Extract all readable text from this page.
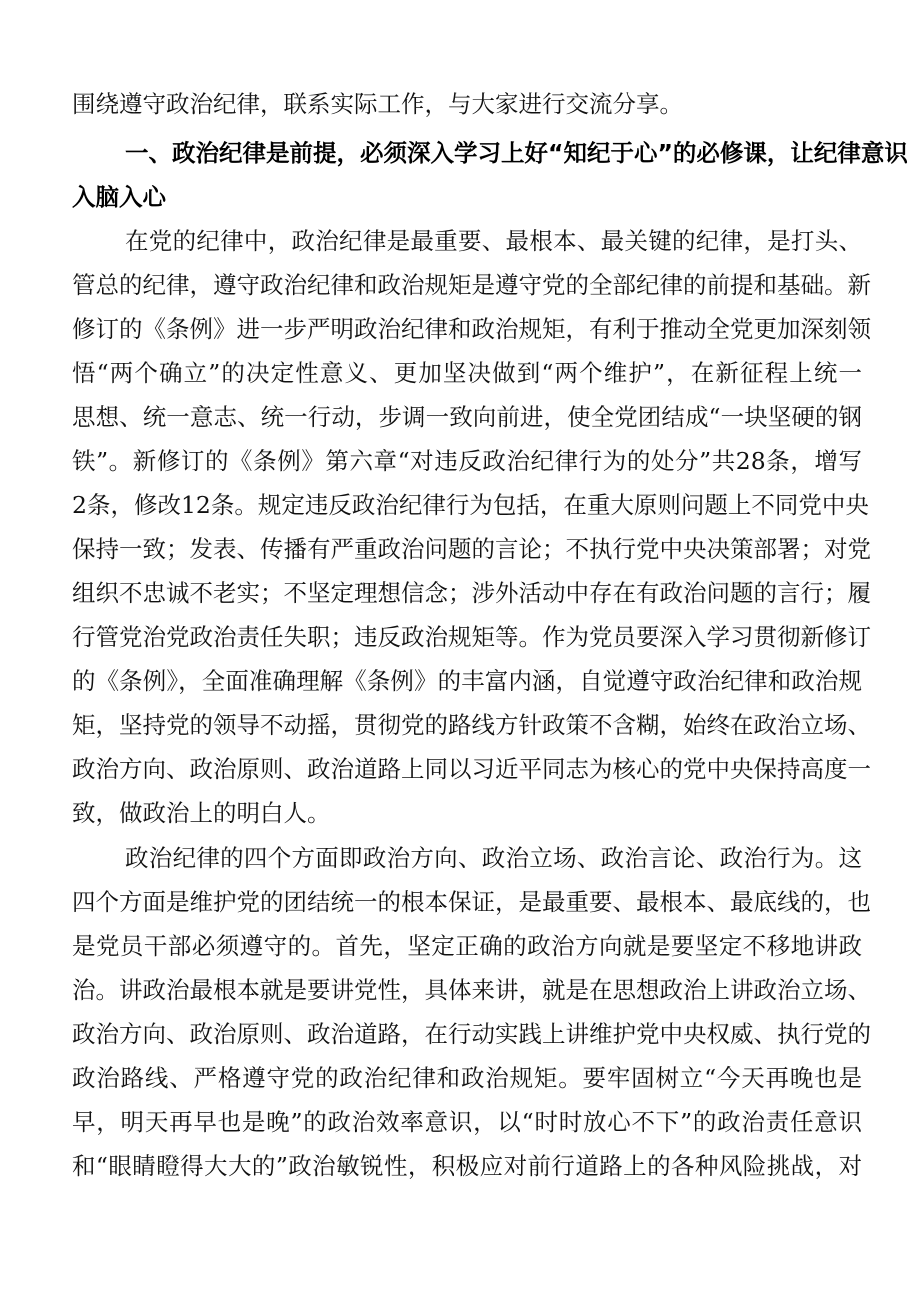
围绕遵守政治纪律，联系实际工作，与大家进行交流分享。
一、政治纪律是前提，必须深入学习上好“知纪于心”的必修课，让纪律意识
入脑入心
在党的纪律中，政治纪律是最重要、最根本、最关键的纪律，是打头、
管总的纪律，遵守政治纪律和政治规矩是遵守党的全部纪律的前提和基础。新
修订的《条例》进一步严明政治纪律和政治规矩，有利于推动全党更加深刻领
悟“两个确立”的决定性意义、更加坚决做到“两个维护”，在新征程上统一
思想、统一意志、统一行动，步调一致向前进，使全党团结成“一块坚硬的钢
铁”。新修订的《条例》第六章“对违反政治纪律行为的处分”共28条，增写
2条，修改12条。规定违反政治纪律行为包括，在重大原则问题上不同党中央
保持一致；发表、传播有严重政治问题的言论；不执行党中央决策部署；对党
组织不忠诚不老实；不坚定理想信念；涉外活动中存在有政治问题的言行；履
行管党治党政治责任失职；违反政治规矩等。作为党员要深入学习贯彻新修订
的《条例》，全面准确理解《条例》的丰富内涵，自觉遵守政治纪律和政治规
矩，坚持党的领导不动摇，贯彻党的路线方针政策不含糊，始终在政治立场、
政治方向、政治原则、政治道路上同以习近平同志为核心的党中央保持高度一
致，做政治上的明白人。
政治纪律的四个方面即政治方向、政治立场、政治言论、政治行为。这
四个方面是维护党的团结统一的根本保证，是最重要、最根本、最底线的，也
是党员干部必须遵守的。首先，坚定正确的政治方向就是要坚定不移地讲政
治。讲政治最根本就是要讲党性，具体来讲，就是在思想政治上讲政治立场、
政治方向、政治原则、政治道路，在行动实践上讲维护党中央权威、执行党的
政治路线、严格遵守党的政治纪律和政治规矩。要牢固树立“今天再晚也是
早，明天再早也是晚”的政治效率意识，以“时时放心不下”的政治责任意识
和“眼睛瞪得大大的”政治敏锐性，积极应对前行道路上的各种风险挑战，对
